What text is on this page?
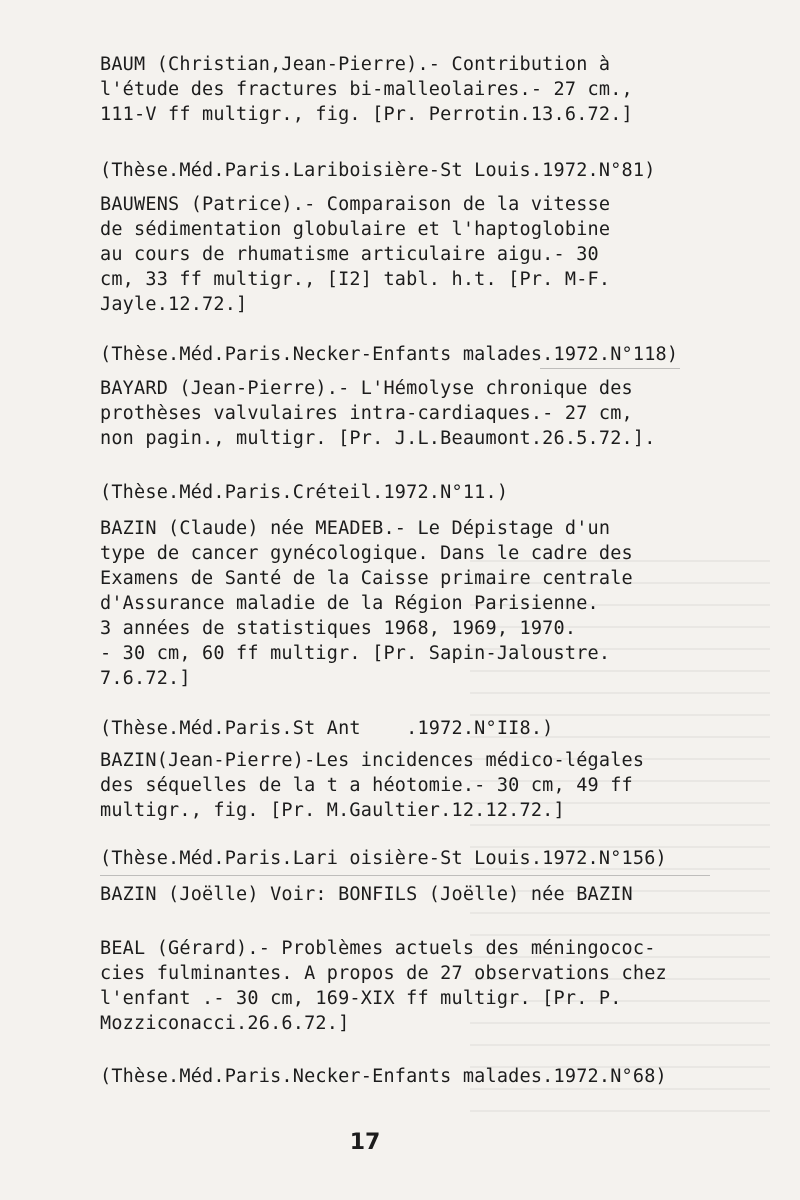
BAUM (Christian,Jean-Pierre).- Contribution à
l'étude des fractures bi-malleolaires.- 27 cm.,
111-V ff multigr., fig. [Pr. Perrotin.13.6.72.]
(Thèse.Méd.Paris.Lariboisière-St Louis.1972.N°81)
BAUWENS (Patrice).- Comparaison de la vitesse
de sédimentation globulaire et l'haptoglobine
au cours de rhumatisme articulaire aigu.- 30
cm, 33 ff multigr., [I2] tabl. h.t. [Pr. M-F.
Jayle.12.72.]
(Thèse.Méd.Paris.Necker-Enfants malades.1972.N°118)
BAYARD (Jean-Pierre).- L'Hémolyse chronique des
prothèses valvulaires intra-cardiaques.- 27 cm,
non pagin., multigr. [Pr. J.L.Beaumont.26.5.72.].
(Thèse.Méd.Paris.Créteil.1972.N°11.)
BAZIN (Claude) née MEADEB.- Le Dépistage d'un
type de cancer gynécologique. Dans le cadre des
Examens de Santé de la Caisse primaire centrale
d'Assurance maladie de la Région Parisienne.
3 années de statistiques 1968, 1969, 1970.
- 30 cm, 60 ff multigr. [Pr. Sapin-Jaloustre.
7.6.72.]
(Thèse.Méd.Paris.St Ant    .1972.N°II8.)
BAZIN(Jean-Pierre)-Les incidences médico-légales
des séquelles de la t a héotomie.- 30 cm, 49 ff
multigr., fig. [Pr. M.Gaultier.12.12.72.]
(Thèse.Méd.Paris.Lari oisière-St Louis.1972.N°156)
BAZIN (Joëlle) Voir: BONFILS (Joëlle) née BAZIN
BEAL (Gérard).- Problèmes actuels des méningococ-
cies fulminantes. A propos de 27 observations chez
l'enfant .- 30 cm, 169-XIX ff multigr. [Pr. P.
Mozziconacci.26.6.72.]
(Thèse.Méd.Paris.Necker-Enfants malades.1972.N°68)
17
